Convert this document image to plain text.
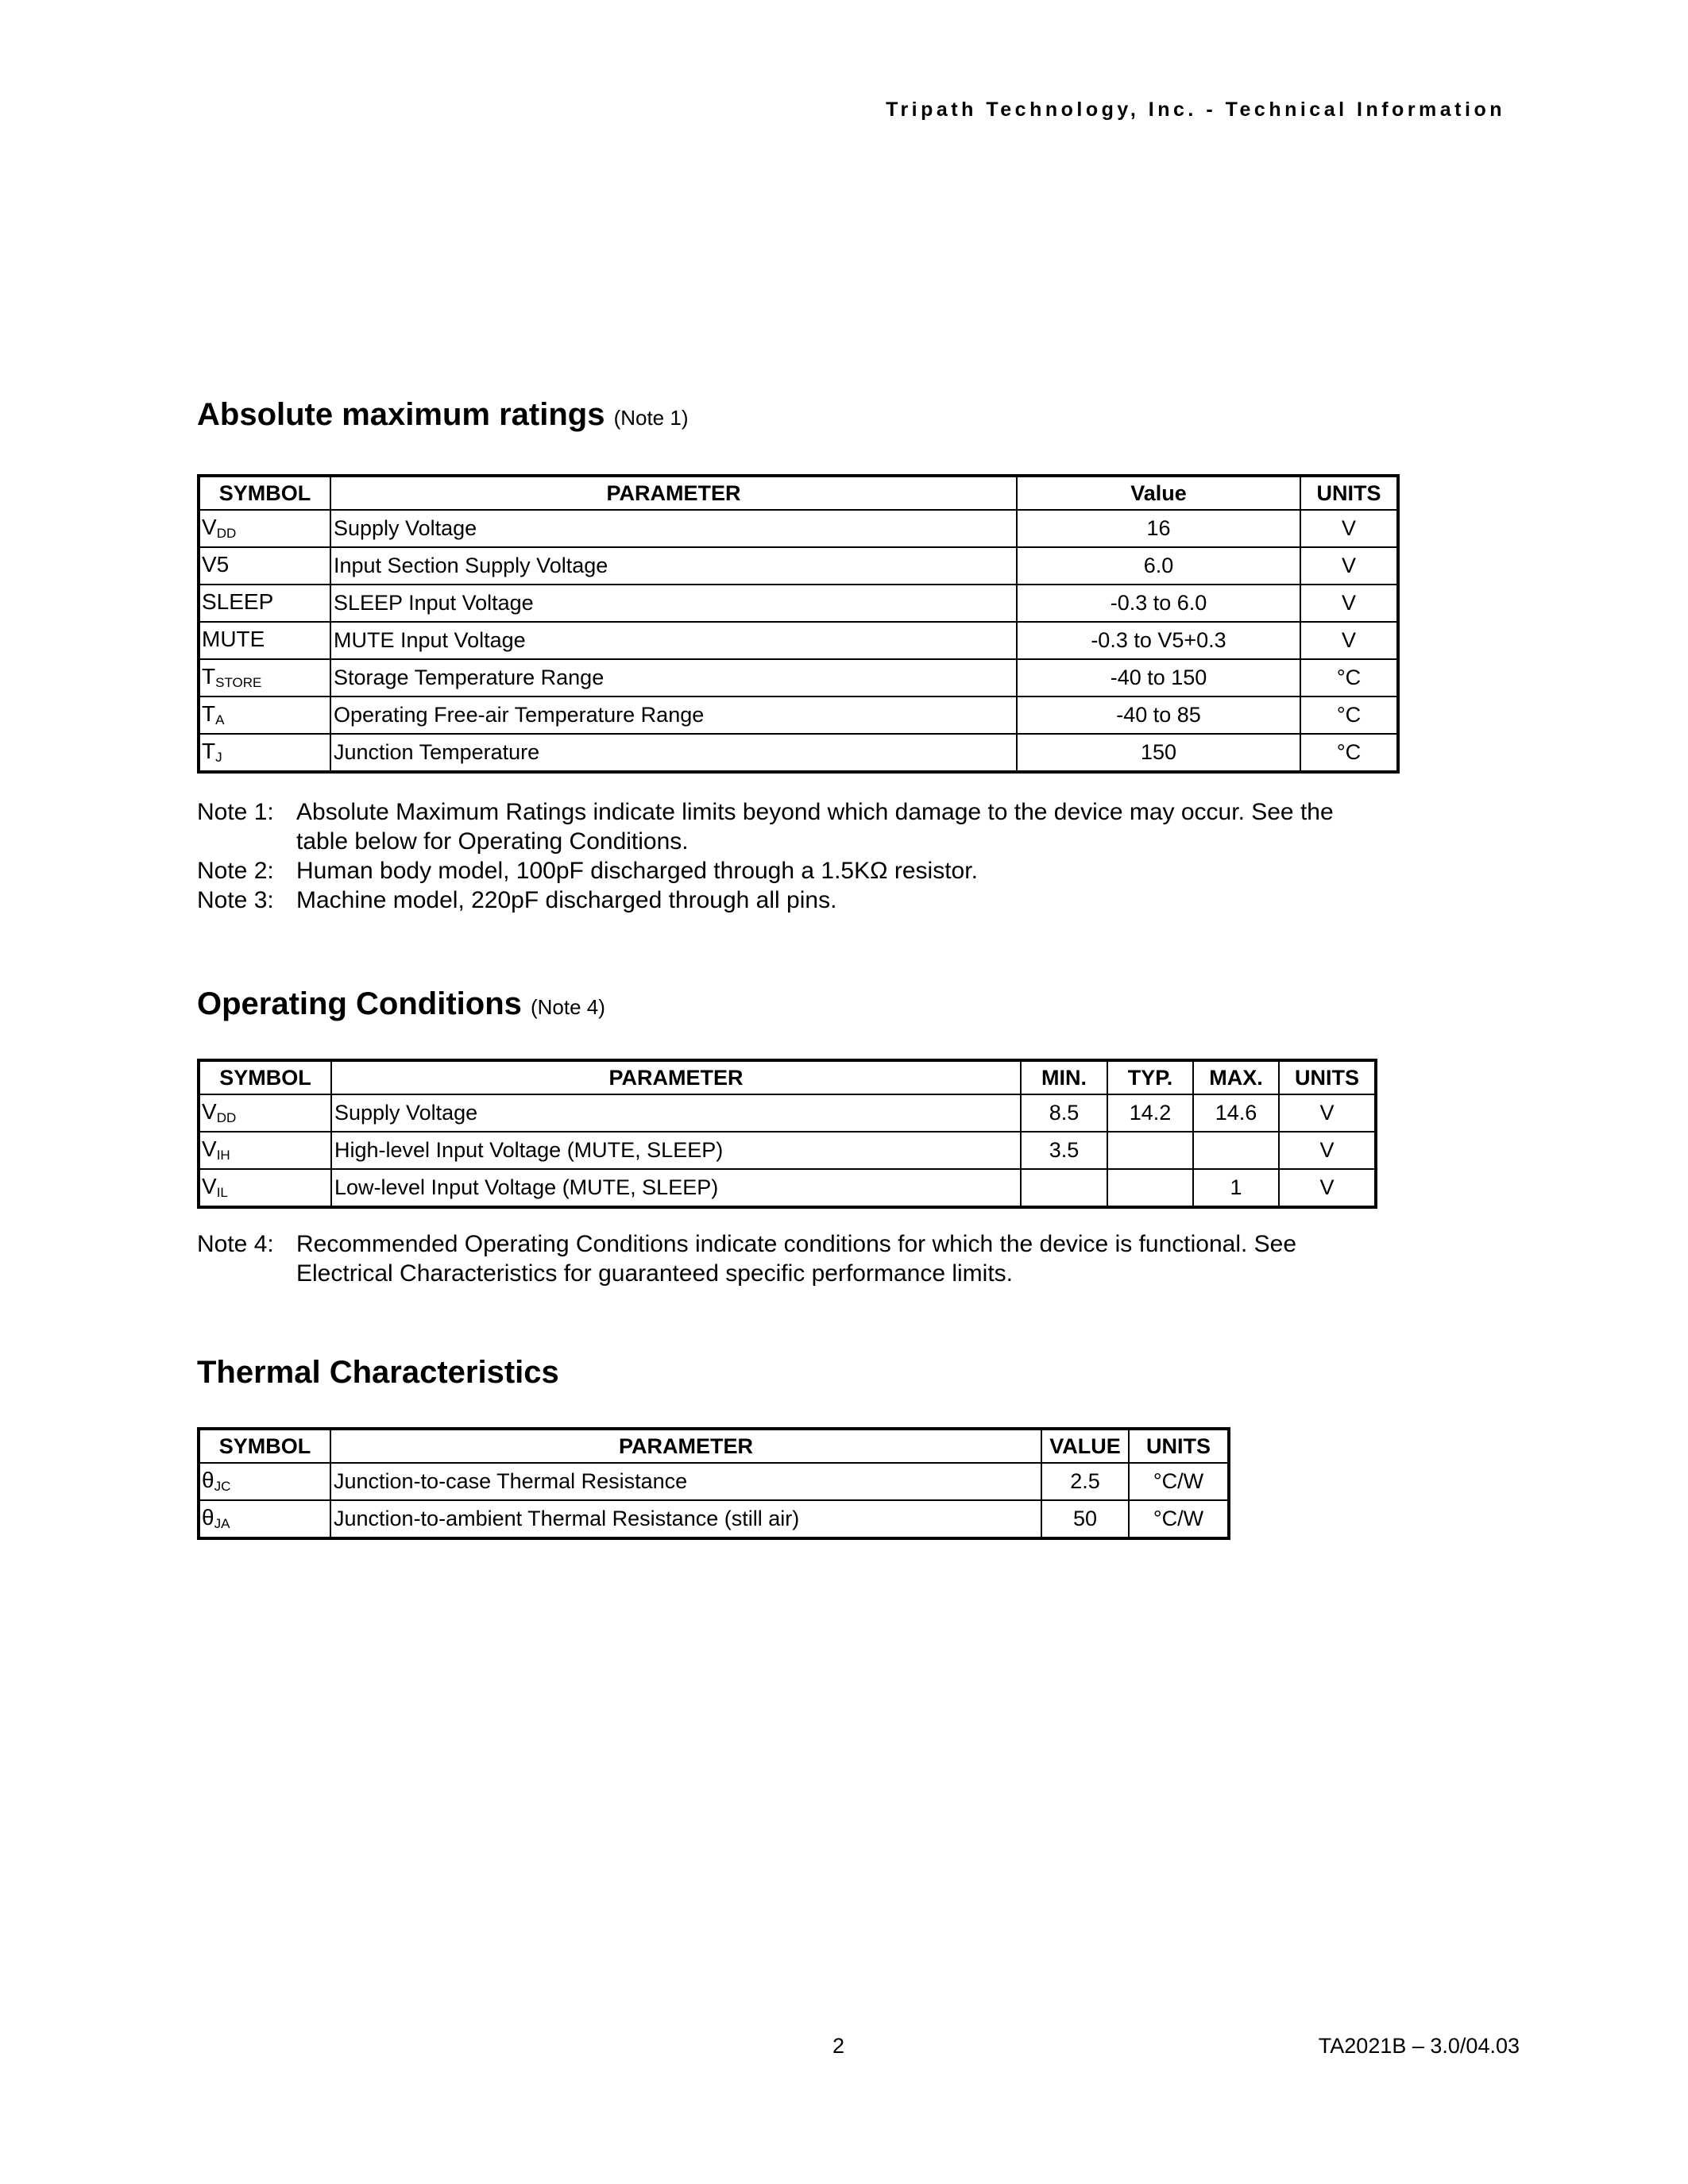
Tripath Technology, Inc. - Technical Information
Absolute maximum ratings (Note 1)
SYMBOL	PARAMETER	Value	UNITS
VDD	Supply Voltage	16	V
V5	Input Section Supply Voltage	6.0	V
SLEEP	SLEEP Input Voltage	-0.3 to 6.0	V
MUTE	MUTE Input Voltage	-0.3 to V5+0.3	V
TSTORE	Storage Temperature Range	-40 to 150	°C
TA	Operating Free-air Temperature Range	-40 to 85	°C
TJ	Junction Temperature	150	°C
Note 1: Absolute Maximum Ratings indicate limits beyond which damage to the device may occur. See the
table below for Operating Conditions.
Note 2: Human body model, 100pF discharged through a 1.5KΩ resistor.
Note 3: Machine model, 220pF discharged through all pins.
Operating Conditions (Note 4)
SYMBOL	PARAMETER	MIN.	TYP.	MAX.	UNITS
VDD	Supply Voltage	8.5	14.2	14.6	V
VIH	High-level Input Voltage (MUTE, SLEEP)	3.5			V
VIL	Low-level Input Voltage (MUTE, SLEEP)			1	V
Note 4: Recommended Operating Conditions indicate conditions for which the device is functional. See
Electrical Characteristics for guaranteed specific performance limits.
Thermal Characteristics
SYMBOL	PARAMETER	VALUE	UNITS
θJC	Junction-to-case Thermal Resistance	2.5	°C/W
θJA	Junction-to-ambient Thermal Resistance (still air)	50	°C/W
2	TA2021B – 3.0/04.03
